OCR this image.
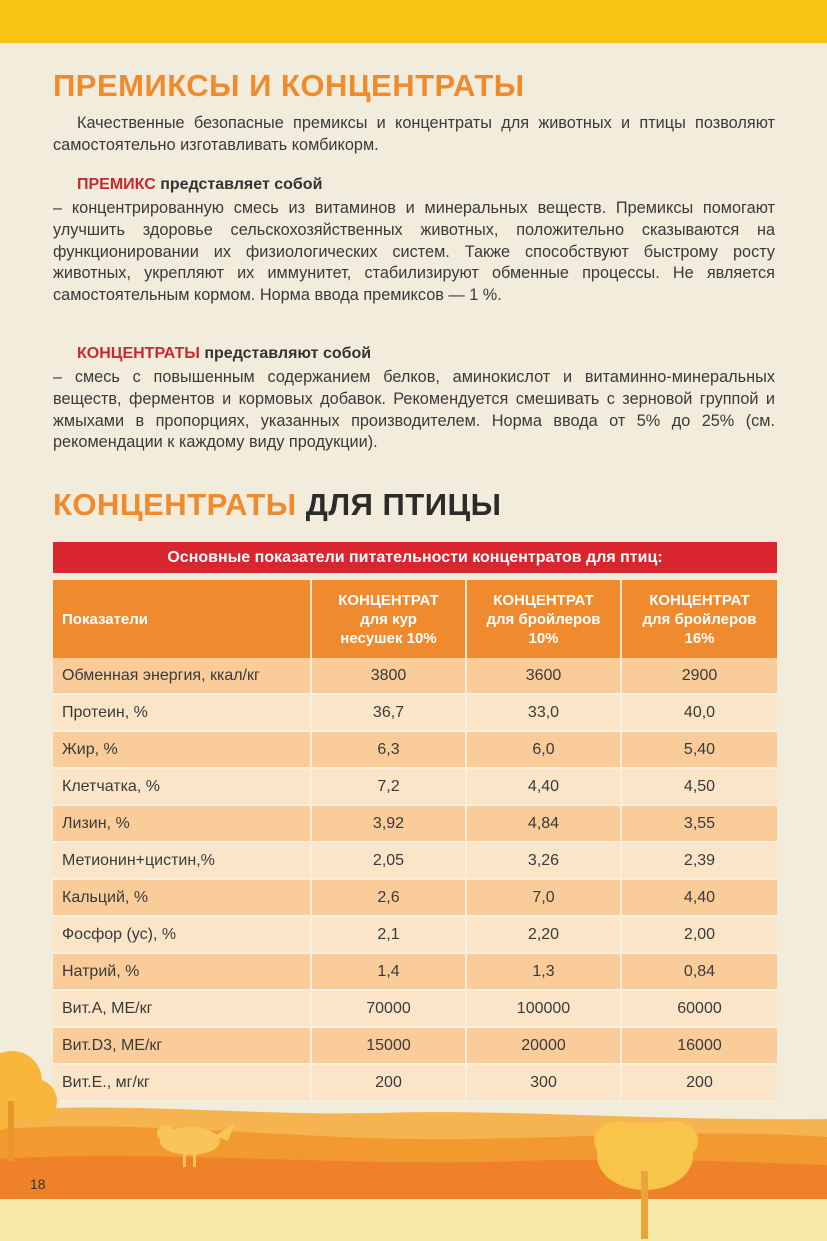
ПРЕМИКСЫ И КОНЦЕНТРАТЫ

Качественные безопасные премиксы и концентраты для животных и птицы позволяют самостоятельно изготавливать комбикорм.

ПРЕМИКС представляет собой

– концентрированную смесь из витаминов и минеральных веществ. Премиксы помогают улучшить здоровье сельскохозяйственных животных, положительно сказываются на функционировании их физиологических систем. Также способствуют быстрому росту животных, укрепляют их иммунитет, стабилизируют обменные процессы. Не является самостоятельным кормом. Норма ввода премиксов — 1 %.

КОНЦЕНТРАТЫ представляют собой

– смесь с повышенным содержанием белков, аминокислот и витаминно-минеральных веществ, ферментов и кормовых добавок. Рекомендуется смешивать с зерновой группой и жмыхами в пропорциях, указанных производителем. Норма ввода от 5% до 25% (см. рекомендации к каждому виду продукции).

КОНЦЕНТРАТЫ ДЛЯ ПТИЦЫ
Основные показатели питательности концентратов для птиц:
Показатели	КОНЦЕНТРАТ
для кур
несушек 10%	КОНЦЕНТРАТ
для бройлеров
10%	КОНЦЕНТРАТ
для бройлеров
16%
Обменная энергия, ккал/кг	3800	3600	2900
Протеин, %	36,7	33,0	40,0
Жир, %	6,3	6,0	5,40
Клетчатка, %	7,2	4,40	4,50
Лизин, %	3,92	4,84	3,55
Метионин+цистин,%	2,05	3,26	2,39
Кальций, %	2,6	7,0	4,40
Фосфор (ус), %	2,1	2,20	2,00
Натрий, %	1,4	1,3	0,84
Вит.А, МЕ/кг	70000	100000	60000
Вит.D3, МЕ/кг	15000	20000	16000
Вит.Е., мг/кг	200	300	200

18
